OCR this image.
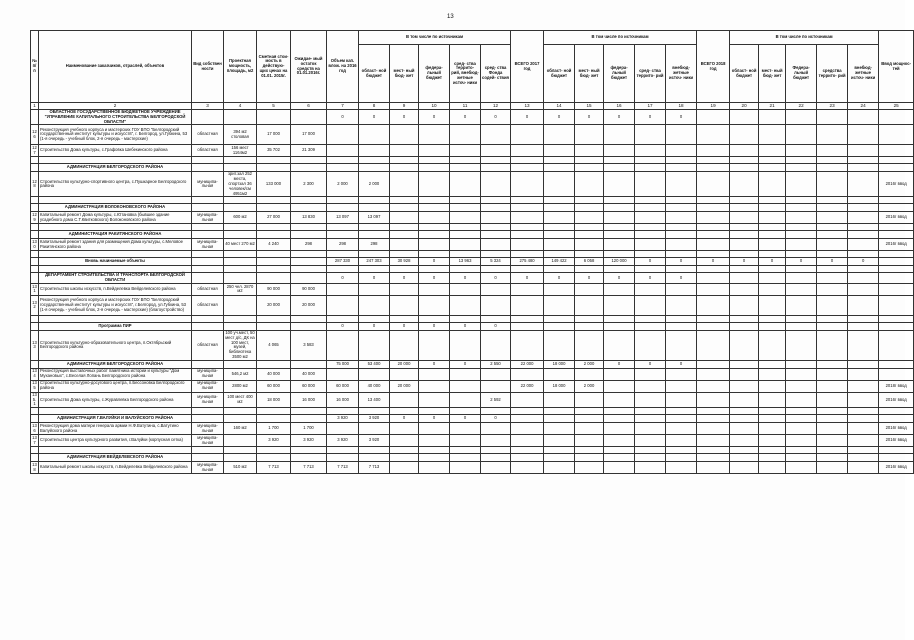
13
№ п/п	Наименование заказчиков, отраслей, объектов	Вид собствен ности	Проектная мощность, площадь, м2	Сметная стои- мость в действую- щих ценах на 01.01. 2015г.	Ожидае- мый остаток средств на 01.01.2016г.	Объем кап. влож. на 2016 год	В том числе по источникам					ВСЕГО 2017 год	В том числе по источникам					ВСЕГО 2018 год	В том числе по источникам					Ввод мощнос- тей
							област- ной бюджет	мест- ный бюд- жет	федера- льный бюджет	сред- ства террито- рий, внебюд- жетные источ- ники	сред- ства Фонда содей- ствия		област- ной бюджет	мест- ный бюд- жет	федера- льный бюджет	сред- ства террито- рий	внебюд- жетные источ- ники		област- ной бюджет	мест- ный бюд- жет	Федера- льный бюджет	средства террито- рий	внебюд- жетные источ- ники	
1	2	3	4	5	6	7	8	9	10	11	12	13	14	15	16	17	18	19	20	21	22	23	24	25
	ОБЛАСТНОЕ ГОСУДАРСТВЕННОЕ БЮДЖЕТНОЕ УЧРЕЖДЕНИЕ "УПРАВЛЕНИЕ КАПИТАЛЬНОГО СТРОИТЕЛЬСТВА БЕЛГОРОДСКОЙ ОБЛАСТИ"					0	0	0	0	0	0	0	0	0	0	0	0							
126	Реконструкция учебного корпуса и мастерских ГОУ ВПО "Белгородский государственный институт культуры и искусств", г. Белгород, ул.Губкина, 53 (1-я очередь - учебный блок, 2-я очередь - мастерские)	областная	394 м2 столовая	17 000	17 000																			
127	Строительство Дома культуры, с.Графовка Шебекинского района	областная	156 мест 1164м2	35 702	21 309																			

	АДМИНИСТРАЦИЯ БЕЛГОРОДСКОГО РАЙОНА																							
128	Строительство культурно-спортивного центра, с.Пушкарное Белгородского района	муниципа- льная	зрит.зал 252 места, спортзал 36 человек/см 4951м2	133 000	2 300	2 000	2 000																	2016г ввод

	АДМИНИСТРАЦИЯ ВОЛОКОНОВСКОГО РАЙОНА																							
129	Капитальный ремонт Дома культуры, с.Ютановка (бывшее здание усадебного дома С.Т.Квитковского) Волоконовского района	муниципа- льная	600 м2	27 000	13 830	13 097	13 097																	2016г ввод

	АДМИНИСТРАЦИЯ РАКИТЯНСКОГО РАЙОНА																							
130	Капитальный ремонт здания для размещения Дома культуры, с.Меловое Ракитянского района	муниципа- льная	40 мест 270 м2	4 240	298	298	298																	2016г ввод

	Вновь начинаемые объекты					287 330	247 303	30 928	0	13 963	5 324	275 480	149 422	6 058	120 000	0	0	0	0	0	0	0	0	

	ДЕПАРТАМЕНТ СТРОИТЕЛЬСТВА И ТРАНСПОРТА БЕЛГОРОДСКОЙ ОБЛАСТИ					0	0	0	0	0	0	0	0	0	0	0	0							
131	Строительство школы искусств, п.Вейделевка Вейделевского района	областная	250 чел. 2870 м2	90 000	90 000																			
132	Реконструкция учебного корпуса и мастерских ГОУ ВПО "Белгородский государственный институт культуры и искусств", г.Белгород, ул.Губкина, 53 (1-я очередь - учебный блок, 2-я очередь - мастерские) (благоустройство)	областная		20 000	20 000																			

	Программа ПИР					0	0	0	0	0	0													
133	Строительство культурно-образовательного центра, п.Октябрьский Белгородского района	областная	100 уч.мест, 50 мест д/с, ДК на 100 мест, музей, библиотека 3500 м2	4 065	3 583																			
	АДМИНИСТРАЦИЯ БЕЛГОРОДСКОГО РАЙОНА					75 000	53 400	20 000	0	0	2 550	22 000	18 000	2 000	0	0	0							
134	Реконструкция выставочных работ памятника истории и культуры "Дом Мухановых", с.Веселая Лопань Белгородского района	муниципа- льная	546,2 м2	40 000	40 000																			
135	Строительство культурно-досугового центра, п.Бессоновка Белгородского района	муниципа- льная	2800 м2	60 000	60 000	60 000	40 000	20 000				22 000	18 000	2 000										2018г ввод
135.1	Строительство Дома культуры, с.Журавлевка Белгородского района	муниципа- льная	100 мест 400 м2	18 000	16 000	16 000	13 400				2 592													2016г ввод

	АДМИНИСТРАЦИЯ Г.ВАЛУЙКИ И ВАЛУЙСКОГО РАЙОНА					3 920	3 920	0	0	0	0													
136	Реконструкция дома матери генерала армии Н.Ф.Ватутина, с.Ватутино Валуйского района	муниципа- льная	160 м2	1 700	1 700																			2016г ввод
137	Строительство центра культурного развития, г.Валуйки (корпусная сетка)	муниципа- льная		3 920	3 920	3 920	3 920																	2016г ввод

	АДМИНИСТРАЦИЯ ВЕЙДЕЛЕВСКОГО РАЙОНА																							
138	Капитальный ремонт школы искусств, п.Вейделевка Вейделевского района	муниципа- льная	510 м2	7 713	7 713	7 713	7 713																	2016г ввод
